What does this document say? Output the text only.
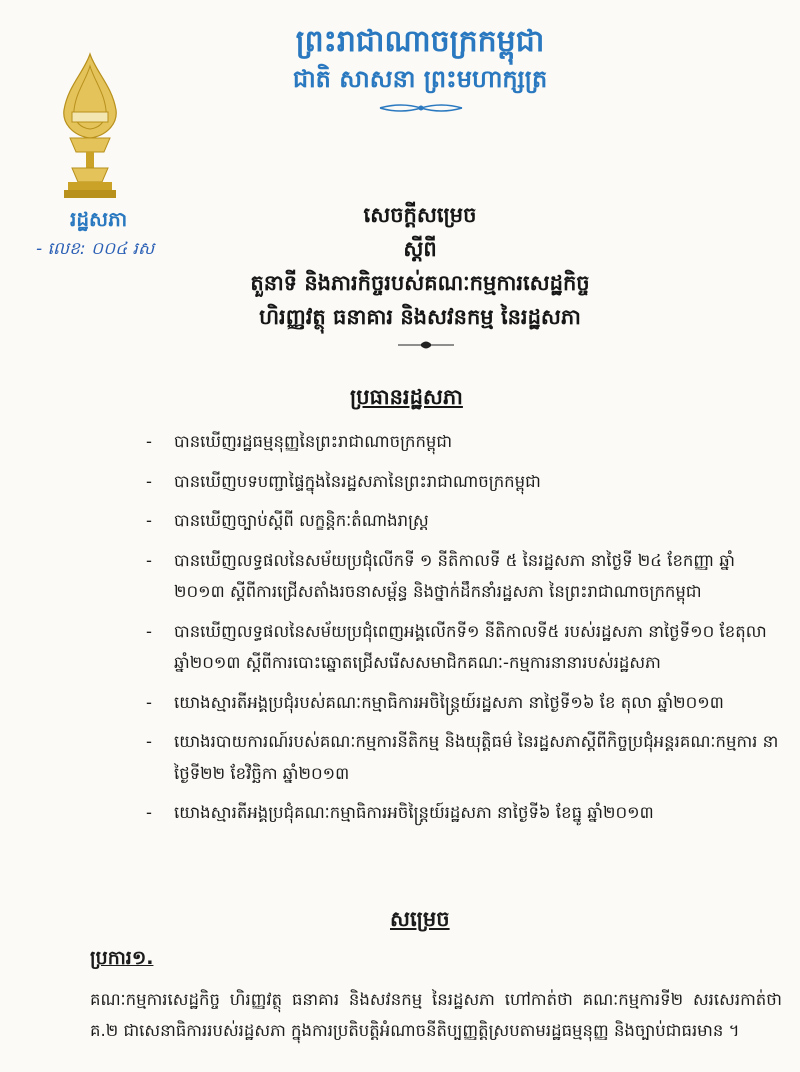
ព្រះរាជាណាចក្រកម្ពុជា
ជាតិ សាសនា ព្រះមហាក្សត្រ
រដ្ឋសភា
- លេខ: ០០៤ រស
សេចក្តីសម្រេច
ស្តីពី
តួនាទី និងភារកិច្ចរបស់គណៈកម្មការសេដ្ឋកិច្ច
ហិរញ្ញវត្ថុ ធនាគារ និងសវនកម្ម នៃរដ្ឋសភា
ប្រធានរដ្ឋសភា
- បានឃើញរដ្ឋធម្មនុញ្ញនៃព្រះរាជាណាចក្រកម្ពុជា
- បានឃើញបទបញ្ជាផ្ទៃក្នុងនៃរដ្ឋសភានៃព្រះរាជាណាចក្រកម្ពុជា
- បានឃើញច្បាប់ស្តីពី លក្ខន្តិកៈតំណាងរាស្ត្រ
- បានឃើញលទ្ធផលនៃសម័យប្រជុំលើកទី ១ នីតិកាលទី ៥ នៃរដ្ឋសភា នាថ្ងៃទី ២៤ ខែកញ្ញា ឆ្នាំ ២០១៣ ស្តីពីការជ្រើសតាំងរចនាសម្ព័ន្ធ និងថ្នាក់ដឹកនាំរដ្ឋសភា នៃព្រះរាជាណាចក្រកម្ពុជា
- បានឃើញលទ្ធផលនៃសម័យប្រជុំពេញអង្គលើកទី១ នីតិកាលទី៥ របស់រដ្ឋសភា នាថ្ងៃទី១០ ខែតុលា ឆ្នាំ២០១៣ ស្តីពីការបោះឆ្នោតជ្រើសរើសសមាជិកគណៈ-កម្មការនានារបស់រដ្ឋសភា
- យោងស្មារតីអង្គប្រជុំរបស់គណៈកម្មាធិការអចិន្ត្រៃយ៍រដ្ឋសភា នាថ្ងៃទី១៦ ខែ តុលា ឆ្នាំ២០១៣
- យោងរបាយការណ៍របស់គណៈកម្មការនីតិកម្ម និងយុត្តិធម៌ នៃរដ្ឋសភាស្តីពីកិច្ចប្រជុំអន្តរគណៈកម្មការ នាថ្ងៃទី២២ ខែវិច្ឆិកា ឆ្នាំ២០១៣
- យោងស្មារតីអង្គប្រជុំគណៈកម្មាធិការអចិន្ត្រៃយ៍រដ្ឋសភា នាថ្ងៃទី៦ ខែធ្នូ ឆ្នាំ២០១៣
សម្រេច
ប្រការ១.
គណៈកម្មការសេដ្ឋកិច្ច ហិរញ្ញវត្ថុ ធនាគារ និងសវនកម្ម នៃរដ្ឋសភា ហៅកាត់ថា គណៈកម្មការទី២ សរសេរកាត់ថា គ.២ ជាសេនាធិការរបស់រដ្ឋសភា ក្នុងការប្រតិបត្តិអំណាចនីតិប្បញ្ញត្តិស្របតាមរដ្ឋធម្មនុញ្ញ និងច្បាប់ជាធរមាន ។
